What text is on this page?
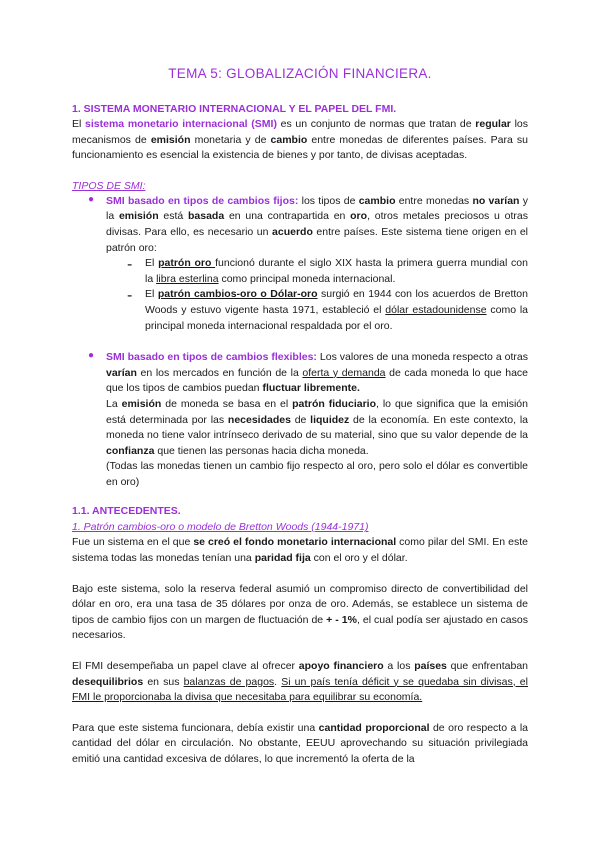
TEMA 5: GLOBALIZACIÓN FINANCIERA.
1. SISTEMA MONETARIO INTERNACIONAL Y EL PAPEL DEL FMI.

El sistema monetario internacional (SMI) es un conjunto de normas que tratan de regular los mecanismos de emisión monetaria y de cambio entre monedas de diferentes países. Para su funcionamiento es esencial la existencia de bienes y por tanto, de divisas aceptadas.

TIPOS DE SMI:
● SMI basado en tipos de cambios fijos: los tipos de cambio entre monedas no varían y la emisión está basada en una contrapartida en oro, otros metales preciosos u otras divisas. Para ello, es necesario un acuerdo entre países. Este sistema tiene origen en el patrón oro:

- El patrón oro funcionó durante el siglo XIX hasta la primera guerra mundial con la libra esterlina como principal moneda internacional.

- El patrón cambios-oro o Dólar-oro surgió en 1944 con los acuerdos de Bretton Woods y estuvo vigente hasta 1971, estableció el dólar estadounidense como la principal moneda internacional respaldada por el oro.

● SMI basado en tipos de cambios flexibles: Los valores de una moneda respecto a otras varían en los mercados en función de la oferta y demanda de cada moneda lo que hace que los tipos de cambios puedan fluctuar libremente.

La emisión de moneda se basa en el patrón fiduciario, lo que significa que la emisión está determinada por las necesidades de liquidez de la economía. En este contexto, la moneda no tiene valor intrínseco derivado de su material, sino que su valor depende de la confianza que tienen las personas hacia dicha moneda.

(Todas las monedas tienen un cambio fijo respecto al oro, pero solo el dólar es convertible en oro)

1.1. ANTECEDENTES.
1. Patrón cambios-oro o modelo de Bretton Woods (1944-1971)

Fue un sistema en el que se creó el fondo monetario internacional como pilar del SMI. En este sistema todas las monedas tenían una paridad fija con el oro y el dólar.

Bajo este sistema, solo la reserva federal asumió un compromiso directo de convertibilidad del dólar en oro, era una tasa de 35 dólares por onza de oro. Además, se establece un sistema de tipos de cambio fijos con un margen de fluctuación de + - 1%, el cual podía ser ajustado en casos necesarios.

El FMI desempeñaba un papel clave al ofrecer apoyo financiero a los países que enfrentaban desequilibrios en sus balanzas de pagos. Si un país tenía déficit y se quedaba sin divisas, el FMI le proporcionaba la divisa que necesitaba para equilibrar su economía.

Para que este sistema funcionara, debía existir una cantidad proporcional de oro respecto a la cantidad del dólar en circulación. No obstante, EEUU aprovechando su situación privilegiada emitió una cantidad excesiva de dólares, lo que incrementó la oferta de la
